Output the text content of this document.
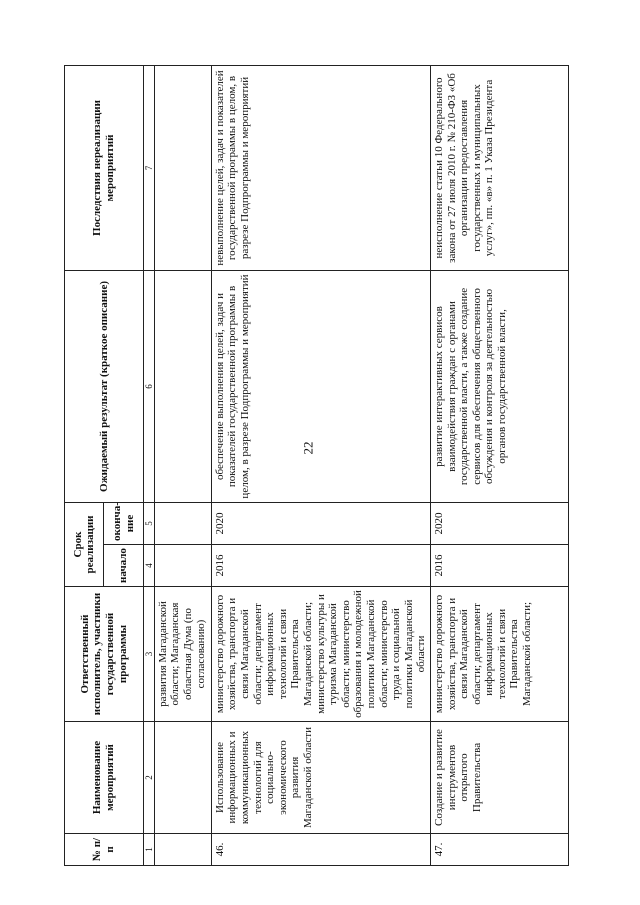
22
№ п/п	Наименование мероприятий	Ответственный исполнитель, участники государственной программы	Срок реализации		Ожидаемый результат (краткое описание)	Последствия нереализации мероприятий
			начало	оконча-ние		
1	2	3	4	5	6	7
		развития Магаданской области; Магаданская областная Дума (по согласованию)				
46.	Использование информационных и коммуникационных технологий для социально-экономического развития Магаданской области	министерство дорожного хозяйства, транспорта и связи Магаданской области; департамент информационных технологий и связи Правительства Магаданской области; министерство культуры и туризма Магаданской области; министерство образования и молодежной политики Магаданской области; министерство труда и социальной политики Магаданской области	2016	2020	обеспечение выполнения целей, задач и показателей государственной программы в целом, в разрезе Подпрограммы и мероприятий	невыполнение целей, задач и показателей государственной программы в целом, в разрезе Подпрограммы и мероприятий
47.	Создание и развитие инструментов открытого Правительства	министерство дорожного хозяйства, транспорта и связи Магаданской области; департамент информационных технологий и связи Правительства Магаданской области;	2016	2020	развитие интерактивных сервисов взаимодействия граждан с органами государственной власти, а также создание сервисов для обеспечения общественного обсуждения и контроля за деятельностью органов государственной власти,	неисполнение статьи 10 Федерального закона от 27 июля 2010 г. № 210-ФЗ «Об организации предоставления государственных и муниципальных услуг», пп. «в» п. 1 Указа Президента
